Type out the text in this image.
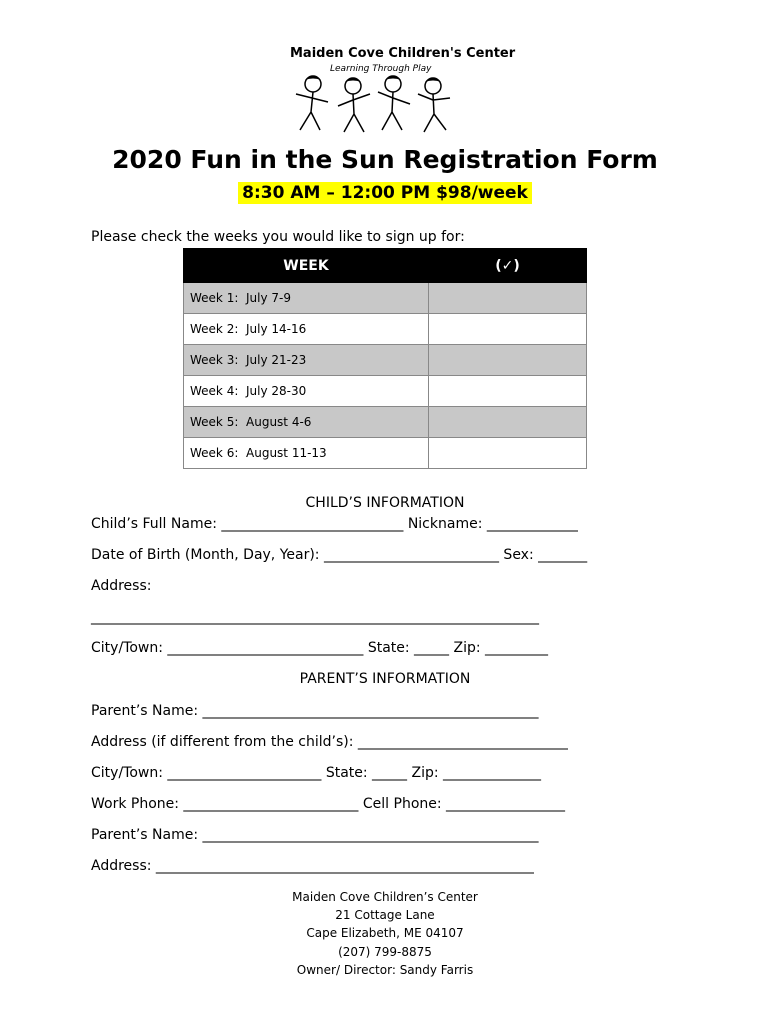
Maiden Cove Children's Center
Learning Through Play
2020 Fun in the Sun Registration Form
8:30 AM – 12:00 PM $98/week
Please check the weeks you would like to sign up for:
WEEK	(✓)
Week 1: July 7-9	
Week 2: July 14-16	
Week 3: July 21-23	
Week 4: July 28-30	
Week 5: August 4-6	
Week 6: August 11-13	
CHILD’S INFORMATION
Child’s Full Name: __________________________ Nickname: _____________
Date of Birth (Month, Day, Year): _________________________ Sex: _______
Address:
________________________________________________________________
City/Town: ____________________________ State: _____ Zip: _________
PARENT’S INFORMATION
Parent’s Name: ________________________________________________
Address (if different from the child’s): ______________________________
City/Town: ______________________ State: _____ Zip: ______________
Work Phone: _________________________ Cell Phone: _________________
Parent’s Name: ________________________________________________
Address: ______________________________________________________
Maiden Cove Children’s Center
21 Cottage Lane
Cape Elizabeth, ME 04107
(207) 799-8875
Owner/ Director: Sandy Farris
